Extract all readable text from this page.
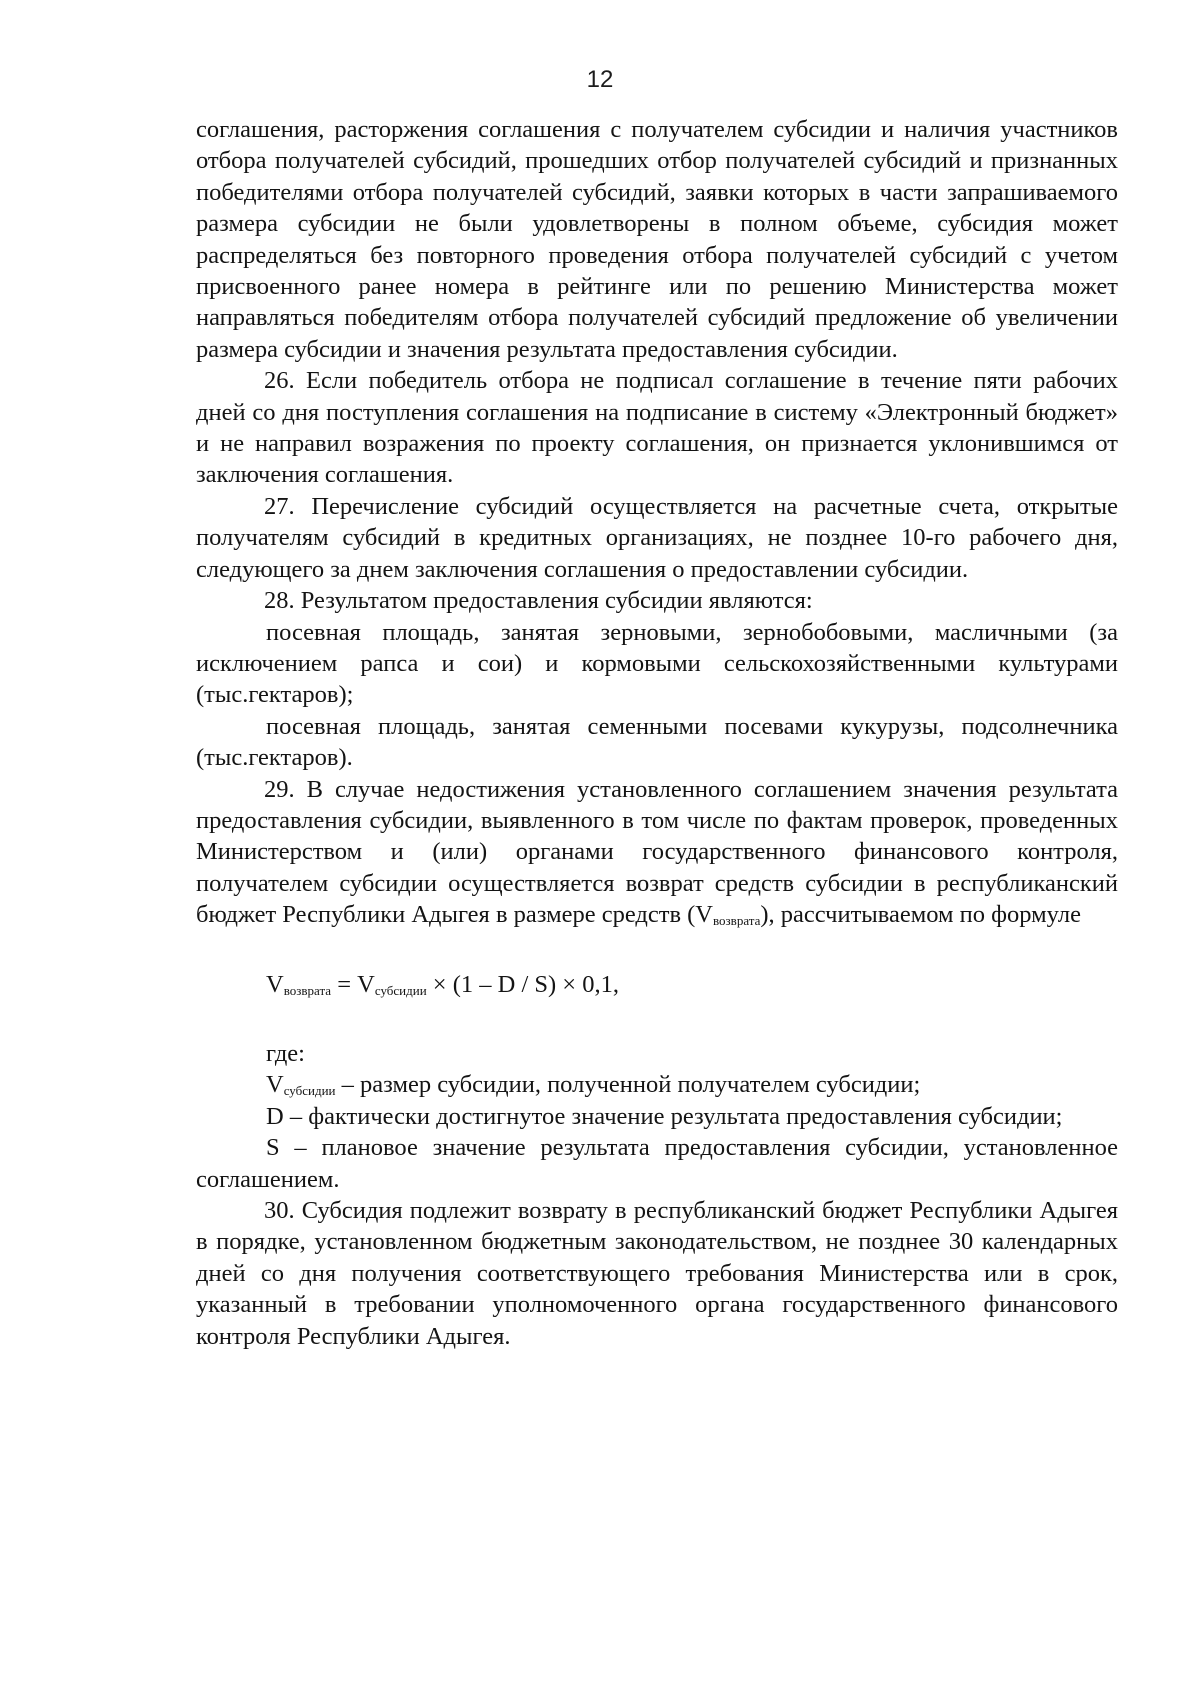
12

соглашения, расторжения соглашения с получателем субсидии и наличия участников отбора получателей субсидий, прошедших отбор получателей субсидий и признанных победителями отбора получателей субсидий, заявки которых в части запрашиваемого размера субсидии не были удовлетворены в полном объеме, субсидия может распределяться без повторного проведения отбора получателей субсидий с учетом присвоенного ранее номера в рейтинге или по решению Министерства может направляться победителям отбора получателей субсидий предложение об увеличении размера субсидии и значения результата предоставления субсидии.

26. Если победитель отбора не подписал соглашение в течение пяти рабочих дней со дня поступления соглашения на подписание в систему «Электронный бюджет» и не направил возражения по проекту соглашения, он признается уклонившимся от заключения соглашения.

27. Перечисление субсидий осуществляется на расчетные счета, открытые получателям субсидий в кредитных организациях, не позднее 10-го рабочего дня, следующего за днем заключения соглашения о предоставлении субсидии.

28. Результатом предоставления субсидии являются:

посевная площадь, занятая зерновыми, зернобобовыми, масличными (за исключением рапса и сои) и кормовыми сельскохозяйственными культурами (тыс.гектаров);

посевная площадь, занятая семенными посевами кукурузы, подсолнечника (тыс.гектаров).

29. В случае недостижения установленного соглашением значения результата предоставления субсидии, выявленного в том числе по фактам проверок, проведенных Министерством и (или) органами государственного финансового контроля, получателем субсидии осуществляется возврат средств субсидии в республиканский бюджет Республики Адыгея в размере средств $(V_{возврата})$, рассчитываемом по формуле

$V_{возврата} = V_{субсидии} \times (1 - D / S) \times 0,1$,

где:

$V_{субсидии}$ – размер субсидии, полученной получателем субсидии;

D – фактически достигнутое значение результата предоставления субсидии;

S – плановое значение результата предоставления субсидии, установленное соглашением.

30. Субсидия подлежит возврату в республиканский бюджет Республики Адыгея в порядке, установленном бюджетным законодательством, не позднее 30 календарных дней со дня получения соответствующего требования Министерства или в срок, указанный в требовании уполномоченного органа государственного финансового контроля Республики Адыгея.
